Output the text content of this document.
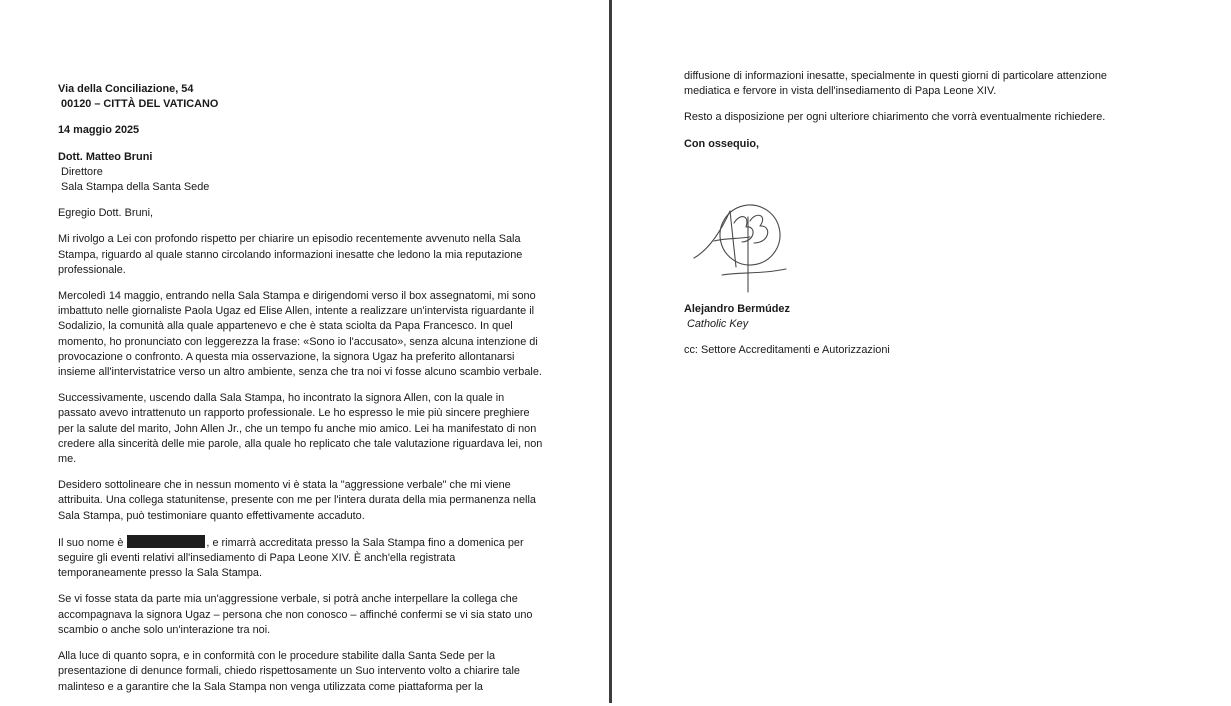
Via della Conciliazione, 54
00120 – CITTÀ DEL VATICANO
14 maggio 2025
Dott. Matteo Bruni
Direttore
Sala Stampa della Santa Sede

Egregio Dott. Bruni,

Mi rivolgo a Lei con profondo rispetto per chiarire un episodio recentemente avvenuto nella Sala Stampa, riguardo al quale stanno circolando informazioni inesatte che ledono la mia reputazione professionale.

Mercoledì 14 maggio, entrando nella Sala Stampa e dirigendomi verso il box assegnatomi, mi sono imbattuto nelle giornaliste Paola Ugaz ed Elise Allen, intente a realizzare un'intervista riguardante il Sodalizio, la comunità alla quale appartenevo e che è stata sciolta da Papa Francesco. In quel momento, ho pronunciato con leggerezza la frase: «Sono io l'accusato», senza alcuna intenzione di provocazione o confronto. A questa mia osservazione, la signora Ugaz ha preferito allontanarsi insieme all'intervistatrice verso un altro ambiente, senza che tra noi vi fosse alcuno scambio verbale.

Successivamente, uscendo dalla Sala Stampa, ho incontrato la signora Allen, con la quale in passato avevo intrattenuto un rapporto professionale. Le ho espresso le mie più sincere preghiere per la salute del marito, John Allen Jr., che un tempo fu anche mio amico. Lei ha manifestato di non credere alla sincerità delle mie parole, alla quale ho replicato che tale valutazione riguardava lei, non me.

Desidero sottolineare che in nessun momento vi è stata la "aggressione verbale" che mi viene attribuita. Una collega statunitense, presente con me per l'intera durata della mia permanenza nella Sala Stampa, può testimoniare quanto effettivamente accaduto.

Il suo nome è	, e rimarrà accreditata presso la Sala Stampa fino a domenica per seguire gli eventi relativi all'insediamento di Papa Leone XIV. È anch'ella registrata temporaneamente presso la Sala Stampa.

Se vi fosse stata da parte mia un'aggressione verbale, si potrà anche interpellare la collega che accompagnava la signora Ugaz – persona che non conosco – affinché confermi se vi sia stato uno scambio o anche solo un'interazione tra noi.

Alla luce di quanto sopra, e in conformità con le procedure stabilite dalla Santa Sede per la presentazione di denunce formali, chiedo rispettosamente un Suo intervento volto a chiarire tale malinteso e a garantire che la Sala Stampa non venga utilizzata come piattaforma per la

diffusione di informazioni inesatte, specialmente in questi giorni di particolare attenzione mediatica e fervore in vista dell'insediamento di Papa Leone XIV.

Resto a disposizione per ogni ulteriore chiarimento che vorrà eventualmente richiedere.

Con ossequio,

Alejandro Bermúdez
Catholic Key
cc: Settore Accreditamenti e Autorizzazioni
